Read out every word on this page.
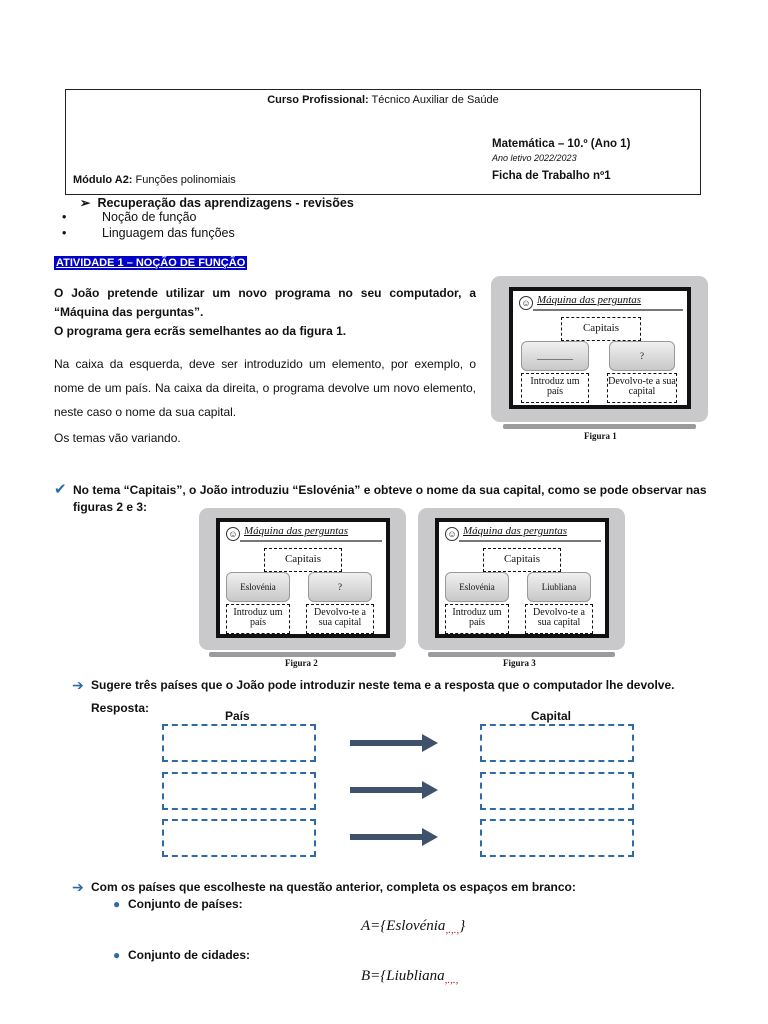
Curso Profissional: Técnico Auxiliar de Saúde
Matemática – 10.º (Ano 1)
Ano letivo 2022/2023
Módulo A2: Funções polinomiais	Ficha de Trabalho nº1
➢ Recuperação das aprendizagens - revisões
•	Noção de função
•	Linguagem das funções
ATIVIDADE 1 – NOÇÃO DE FUNÇÃO
O João pretende utilizar um novo programa no seu computador, a “Máquina das perguntas”.
O programa gera ecrãs semelhantes ao da figura 1.
Na caixa da esquerda, deve ser introduzido um elemento, por exemplo, o nome de um país. Na caixa da direita, o programa devolve um novo elemento, neste caso o nome da sua capital.
Os temas vão variando.
☺ Máquina das perguntas
Capitais
________	?
Introduz um país
Devolvo-te a sua capital
Figura 1
✔ No tema “Capitais”, o João introduziu “Eslovénia” e obteve o nome da sua capital, como se pode observar nas figuras 2 e 3:
☺ Máquina das perguntas
Capitais
Eslovénia	?
Introduz um país
Devolvo-te a sua capital
Figura 2
☺ Máquina das perguntas
Capitais
Eslovénia	Liubliana
Introduz um país
Devolvo-te a sua capital
Figura 3
➔ Sugere três países que o João pode introduzir neste tema e a resposta que o computador lhe devolve.
Resposta:
País	Capital
➔ Com os países que escolheste na questão anterior, completa os espaços em branco:
● Conjunto de países:
A={Eslovénia$_{,.,.,}$}
● Conjunto de cidades:
B={Liubliana$_{,.,.,}$
